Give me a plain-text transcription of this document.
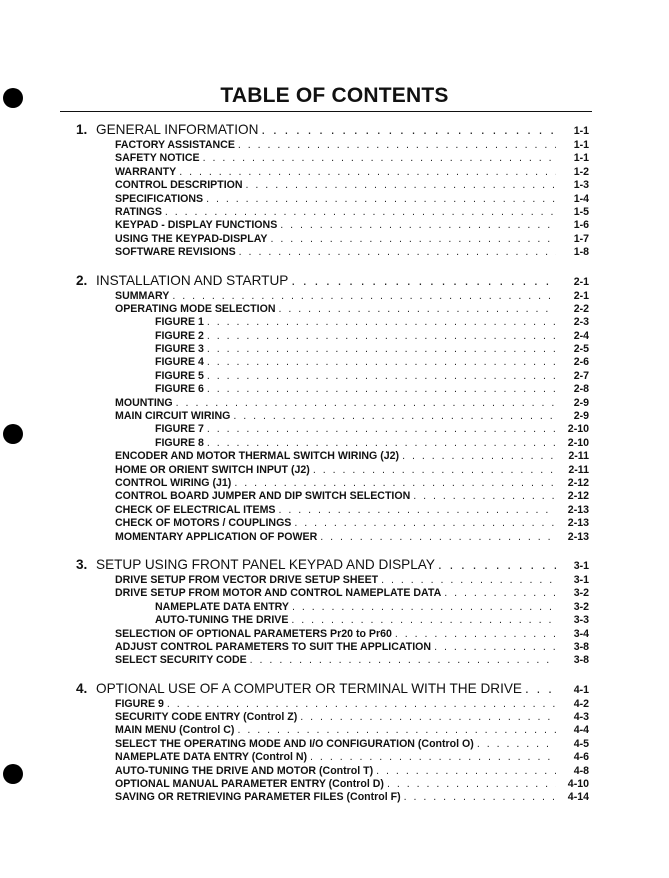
TABLE OF CONTENTS
1. GENERAL INFORMATION . . .	1-1
FACTORY ASSISTANCE . . .	1-1
SAFETY NOTICE . . .	1-1
WARRANTY . . .	1-2
CONTROL DESCRIPTION . . .	1-3
SPECIFICATIONS . . .	1-4
RATINGS . . .	1-5
KEYPAD - DISPLAY FUNCTIONS . . .	1-6
USING THE KEYPAD-DISPLAY . . .	1-7
SOFTWARE REVISIONS . . .	1-8
2. INSTALLATION AND STARTUP . . .	2-1
SUMMARY . . .	2-1
OPERATING MODE SELECTION . . .	2-2
FIGURE 1 . . .	2-3
FIGURE 2 . . .	2-4
FIGURE 3 . . .	2-5
FIGURE 4 . . .	2-6
FIGURE 5 . . .	2-7
FIGURE 6 . . .	2-8
MOUNTING . . .	2-9
MAIN CIRCUIT WIRING . . .	2-9
FIGURE 7 . . .	2-10
FIGURE 8 . . .	2-10
ENCODER AND MOTOR THERMAL SWITCH WIRING (J2) . . .	2-11
HOME OR ORIENT SWITCH INPUT (J2) . . .	2-11
CONTROL WIRING (J1) . . .	2-12
CONTROL BOARD JUMPER AND DIP SWITCH SELECTION . . .	2-12
CHECK OF ELECTRICAL ITEMS . . .	2-13
CHECK OF MOTORS / COUPLINGS . . .	2-13
MOMENTARY APPLICATION OF POWER . . .	2-13
3. SETUP USING FRONT PANEL KEYPAD AND DISPLAY . . .	3-1
DRIVE SETUP FROM VECTOR DRIVE SETUP SHEET . . .	3-1
DRIVE SETUP FROM MOTOR AND CONTROL NAMEPLATE DATA . . .	3-2
NAMEPLATE DATA ENTRY . . .	3-2
AUTO-TUNING THE DRIVE . . .	3-3
SELECTION OF OPTIONAL PARAMETERS Pr20 to Pr60 . . .	3-4
ADJUST CONTROL PARAMETERS TO SUIT THE APPLICATION . . .	3-8
SELECT SECURITY CODE . . .	3-8
4. OPTIONAL USE OF A COMPUTER OR TERMINAL WITH THE DRIVE . . .	4-1
FIGURE 9 . . .	4-2
SECURITY CODE ENTRY (Control Z) . . .	4-3
MAIN MENU (Control C) . . .	4-4
SELECT THE OPERATING MODE AND I/O CONFIGURATION (Control O) . . .	4-5
NAMEPLATE DATA ENTRY (Control N) . . .	4-6
AUTO-TUNING THE DRIVE AND MOTOR (Control T) . . .	4-8
OPTIONAL MANUAL PARAMETER ENTRY (Control D) . . .	4-10
SAVING OR RETRIEVING PARAMETER FILES (Control F) . . .	4-14
